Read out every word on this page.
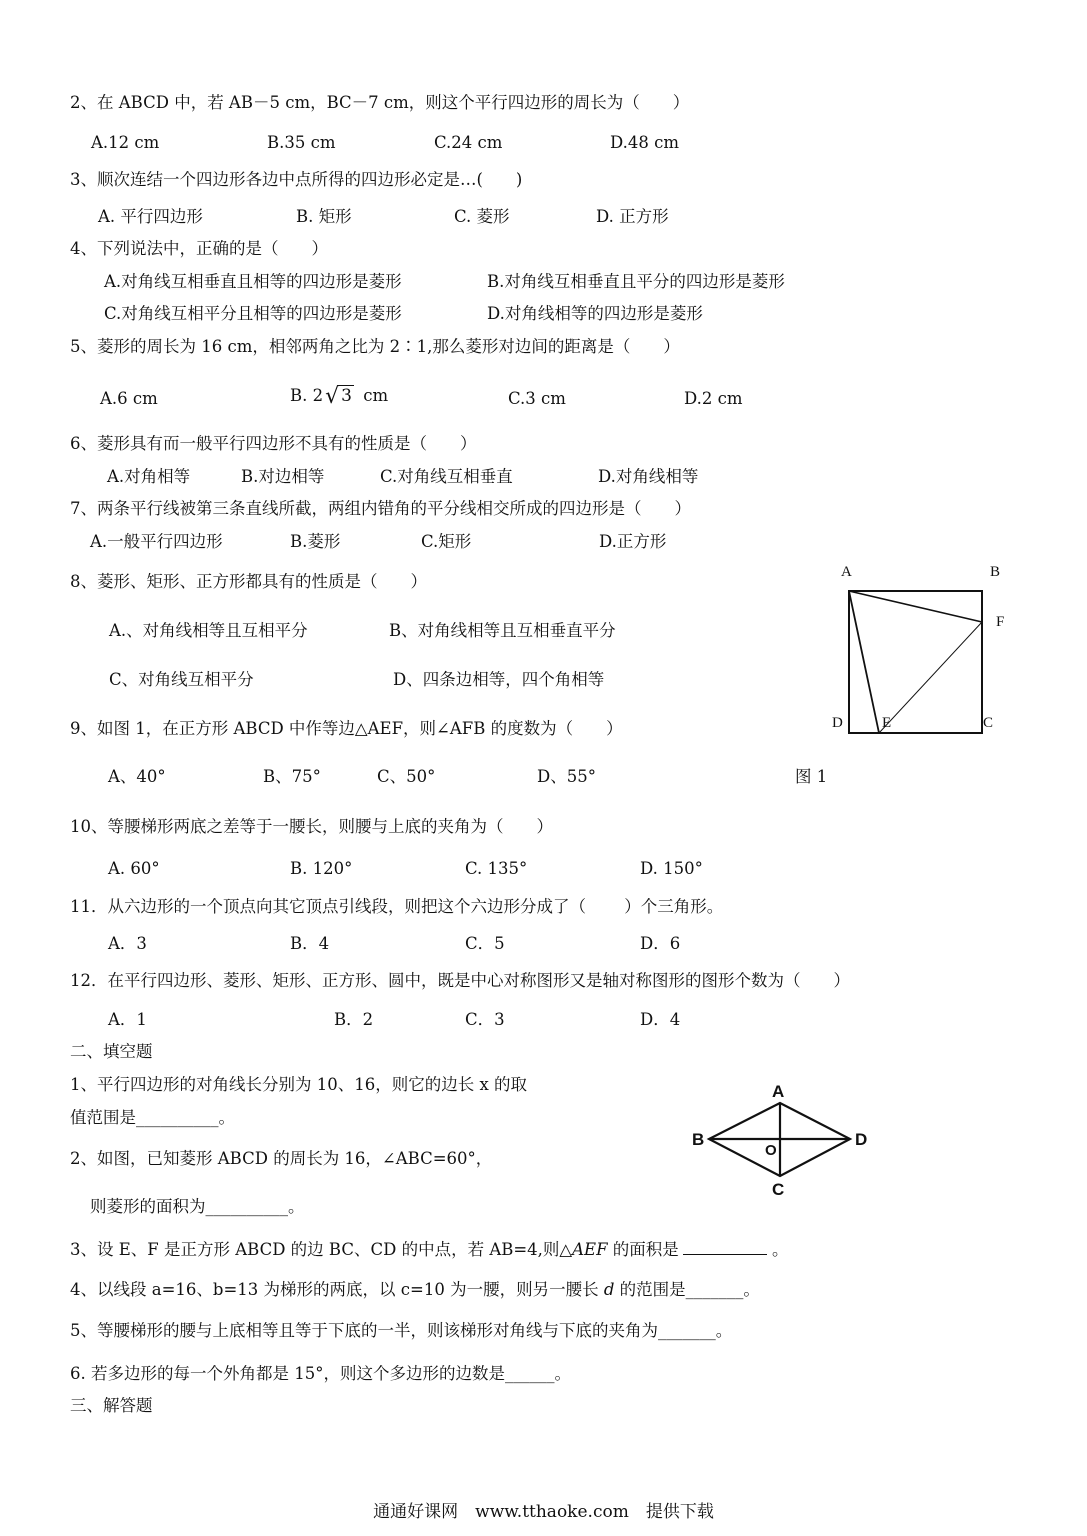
2、在 ABCD 中，若 AB－5 cm，BC－7 cm，则这个平行四边形的周长为（　　）
A.12 cm	B.35 cm	C.24 cm	D.48 cm
3、顺次连结一个四边形各边中点所得的四边形必定是…(　　)
A. 平行四边形	B. 矩形	C. 菱形	D. 正方形
4、下列说法中，正确的是（　　）
A.对角线互相垂直且相等的四边形是菱形	B.对角线互相垂直且平分的四边形是菱形
C.对角线互相平分且相等的四边形是菱形	D.对角线相等的四边形是菱形
5、菱形的周长为 16 cm，相邻两角之比为 2∶1,那么菱形对边间的距离是（　　）
A.6 cm	B. 2√ 3 cm	C.3 cm	D.2 cm
6、菱形具有而一般平行四边形不具有的性质是（　　）
A.对角相等	B.对边相等	C.对角线互相垂直	D.对角线相等
7、两条平行线被第三条直线所截，两组内错角的平分线相交所成的四边形是（　　）
A.一般平行四边形	B.菱形	C.矩形	D.正方形
8、菱形、矩形、正方形都具有的性质是（　　）
A.、对角线相等且互相平分	B、对角线相等且互相垂直平分
C、对角线互相平分	D、四条边相等，四个角相等
A	B
F
D	E	C
9、如图 1，在正方形 ABCD 中作等边△AEF，则∠AFB 的度数为（　　）
A、40°	B、75°	C、50°	D、55°	图 1
10、等腰梯形两底之差等于一腰长，则腰与上底的夹角为（　　）
A. 60°	B. 120°	C. 135°	D. 150°
11．从六边形的一个顶点向其它顶点引线段，则把这个六边形分成了（　　 ）个三角形。
A．3	B．4	C．5	D．6
12．在平行四边形、菱形、矩形、正方形、圆中，既是中心对称图形又是轴对称图形的图形个数为（　　）
A．1	B．2	C．3	D．4
二、填空题
1、平行四边形的对角线长分别为 10、16，则它的边长 x 的取
值范围是__________。
2、如图，已知菱形 ABCD 的周长为 16，∠ABC=60°，
则菱形的面积为__________。
A
B
O
D
C
3、设 E、F 是正方形 ABCD 的边 BC、CD 的中点，若 AB=4,则△AEF 的面积是	。
4、以线段 a=16、b=13 为梯形的两底，以 c=10 为一腰，则另一腰长 d 的范围是_______。
5、等腰梯形的腰与上底相等且等于下底的一半，则该梯形对角线与下底的夹角为_______。
6. 若多边形的每一个外角都是 15°，则这个多边形的边数是______。
三、解答题
通通好课网　www.tthaoke.com　提供下载
